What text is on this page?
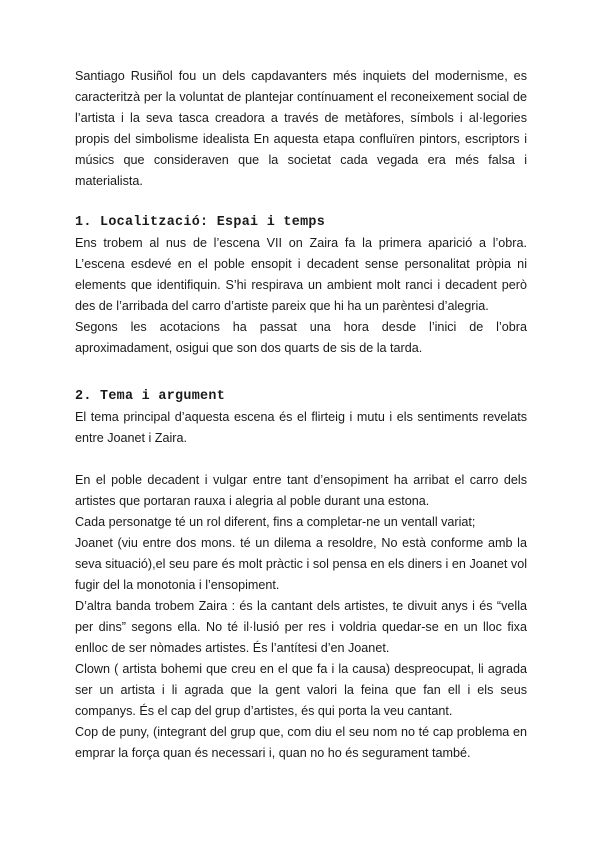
Santiago Rusiñol fou un dels capdavanters més inquiets del modernisme, es caracteritzà per la voluntat de plantejar contínuament el reconeixement social de l’artista i la seva tasca creadora a través de metàfores, símbols i al·legories propis del simbolisme idealista En aquesta etapa confluïren pintors, escriptors i músics que consideraven que la societat cada vegada era més falsa i materialista.

1. Localització: Espai i temps

Ens trobem al nus de l’escena VII on Zaira fa la primera aparició a l’obra. L’escena esdevé en el poble ensopit i decadent sense personalitat pròpia ni elements que identifiquin. S’hi respirava un ambient molt ranci i decadent però des de l’arribada del carro d’artiste pareix que hi ha un parèntesi d’alegria.

Segons les acotacions ha passat una hora desde l’inici de l’obra aproximadament, osigui que son dos quarts de sis de la tarda.

2. Tema i argument

El tema principal d’aquesta escena és el flirteig i mutu i els sentiments revelats entre Joanet i Zaira.

En el poble decadent i vulgar entre tant d’ensopiment ha arribat el carro dels artistes que portaran rauxa i alegria al poble durant una estona.

Cada personatge té un rol diferent, fins a completar-ne un ventall variat;

Joanet (viu entre dos mons. té un dilema a resoldre, No està conforme amb la seva situació),el seu pare és molt pràctic i sol pensa en els diners i en Joanet vol fugir del la monotonia i l’ensopiment.

D’altra banda trobem Zaira : és la cantant dels artistes, te divuit anys i és “vella per dins” segons ella. No té il·lusió per res i voldria quedar-se en un lloc fixa enlloc de ser nòmades artistes. És l’antítesi d’en Joanet.

Clown ( artista bohemi que creu en el que fa i la causa) despreocupat, li agrada ser un artista i li agrada que la gent valori la feina que fan ell i els seus companys. És el cap del grup d’artistes, és qui porta la veu cantant.

Cop de puny, (integrant del grup que, com diu el seu nom no té cap problema en emprar la força quan és necessari i, quan no ho és segurament també.
